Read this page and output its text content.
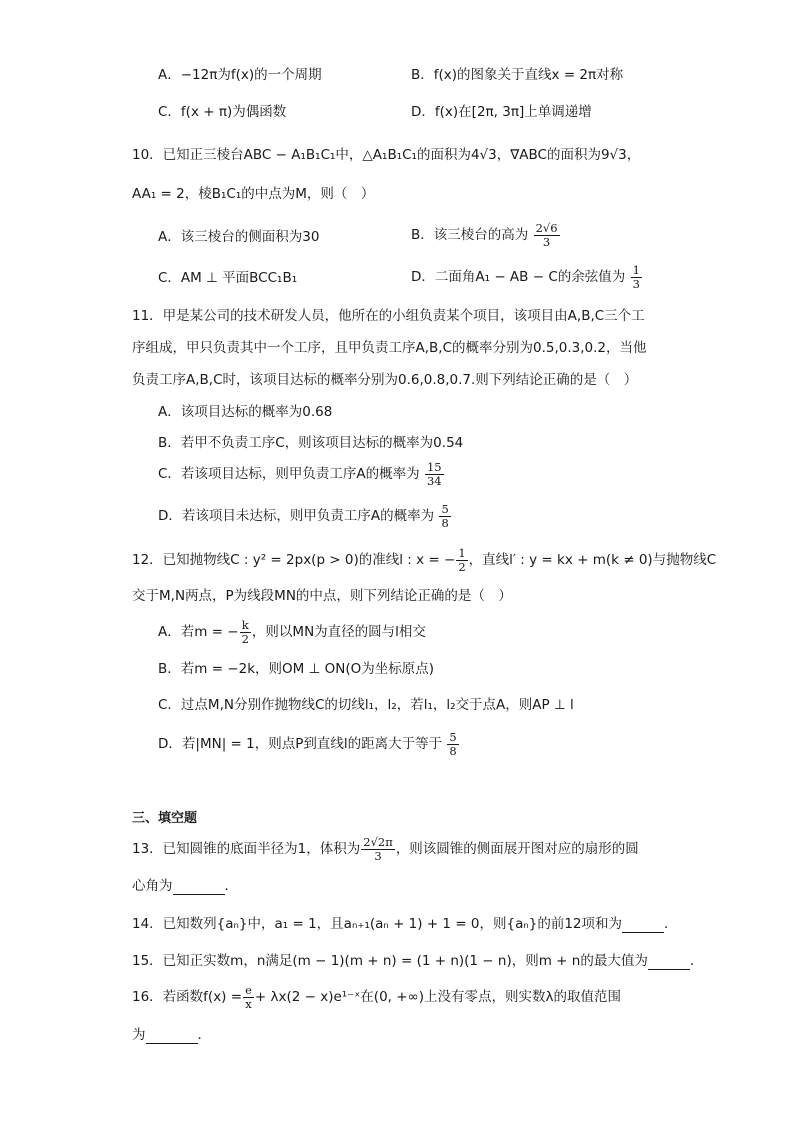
A．−12π为f(x)的一个周期	B．f(x)的图象关于直线x = 2π对称
C．f(x + π)为偶函数	D．f(x)在[2π, 3π]上单调递增
10．已知正三棱台ABC − A₁B₁C₁中，△A₁B₁C₁的面积为4√3，∇ABC的面积为9√3，
AA₁ = 2，棱B₁C₁的中点为M，则（　）
A．该三棱台的侧面积为30	B．该三棱台的高为 $\frac{2√6}{3}$
C．AM ⊥ 平面BCC₁B₁	D．二面角A₁ − AB − C的余弦值为 $\frac{1}{3}$
11．甲是某公司的技术研发人员，他所在的小组负责某个项目，该项目由A,B,C三个工
序组成，甲只负责其中一个工序，且甲负责工序A,B,C的概率分别为0.5,0.3,0.2，当他
负责工序A,B,C时，该项目达标的概率分别为0.6,0.8,0.7.则下列结论正确的是（　）
A．该项目达标的概率为0.68
B．若甲不负责工序C，则该项目达标的概率为0.54
C．若该项目达标，则甲负责工序A的概率为 $\frac{15}{34}$
D．若该项目未达标，则甲负责工序A的概率为 $\frac{5}{8}$
12．已知抛物线C : y² = 2px(p > 0)的准线l : x = − $\frac{1}{2}$ ，直线l′ : y = kx + m(k ≠ 0)与抛物线C
交于M,N两点，P为线段MN的中点，则下列结论正确的是（　）
A．若m = − $\frac{k}{2}$ ，则以MN为直径的圆与l相交
B．若m = −2k，则OM ⊥ ON(O为坐标原点)
C．过点M,N分别作抛物线C的切线l₁，l₂，若l₁，l₂交于点A，则AP ⊥ l
D．若|MN| = 1，则点P到直线l的距离大于等于 $\frac{5}{8}$
三、填空题
13．已知圆锥的底面半径为1，体积为 $\frac{2√2\pi}{3}$ ，则该圆锥的侧面展开图对应的扇形的圆
心角为	．
14．已知数列{aₙ}中，a₁ = 1，且aₙ₊₁(aₙ + 1) + 1 = 0，则{aₙ}的前12项和为	．
15．已知正实数m，n满足(m − 1)(m + n) = (1 + n)(1 − n)，则m + n的最大值为	．
16．若函数$f(x) = \frac{e}{x} + \lambda x(2$ − x)e¹⁻ˣ在(0, +∞)上没有零点，则实数λ的取值范围
为	．
